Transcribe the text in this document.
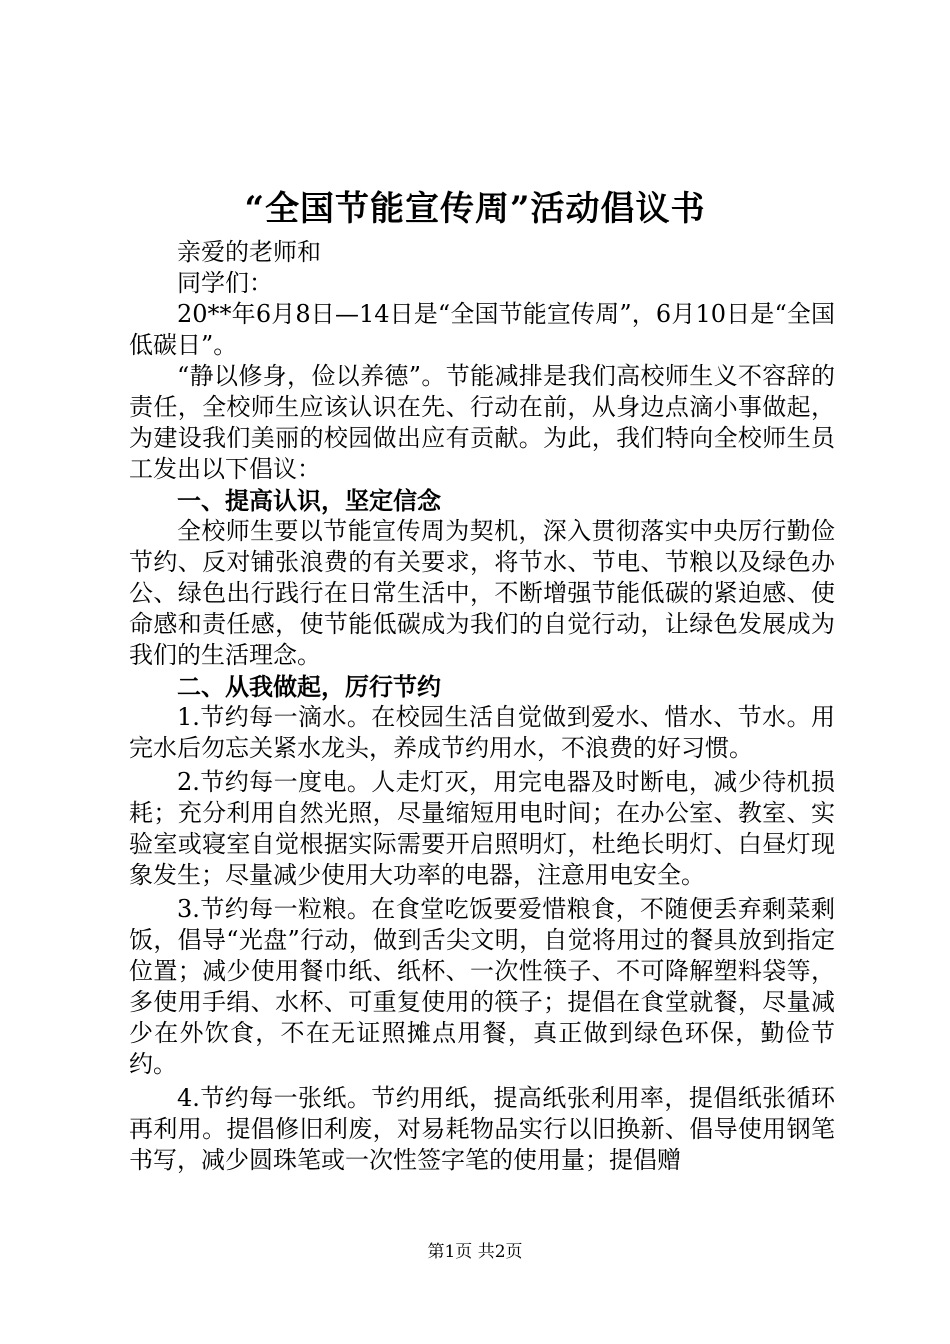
“全国节能宣传周”活动倡议书

亲爱的老师和

同学们：

20**年6月8日—14日是“全国节能宣传周”，6月10日是“全国低碳日”。

“静以修身，俭以养德”。节能减排是我们高校师生义不容辞的责任，全校师生应该认识在先、行动在前，从身边点滴小事做起，为建设我们美丽的校园做出应有贡献。为此，我们特向全校师生员工发出以下倡议：

一、提高认识，坚定信念

全校师生要以节能宣传周为契机，深入贯彻落实中央厉行勤俭节约、反对铺张浪费的有关要求，将节水、节电、节粮以及绿色办公、绿色出行践行在日常生活中，不断增强节能低碳的紧迫感、使命感和责任感，使节能低碳成为我们的自觉行动，让绿色发展成为我们的生活理念。

二、从我做起，厉行节约

1.节约每一滴水。在校园生活自觉做到爱水、惜水、节水。用完水后勿忘关紧水龙头，养成节约用水，不浪费的好习惯。

2.节约每一度电。人走灯灭，用完电器及时断电，减少待机损耗；充分利用自然光照，尽量缩短用电时间；在办公室、教室、实验室或寝室自觉根据实际需要开启照明灯，杜绝长明灯、白昼灯现象发生；尽量减少使用大功率的电器，注意用电安全。

3.节约每一粒粮。在食堂吃饭要爱惜粮食，不随便丢弃剩菜剩饭，倡导“光盘”行动，做到舌尖文明，自觉将用过的餐具放到指定位置；减少使用餐巾纸、纸杯、一次性筷子、不可降解塑料袋等，多使用手绢、水杯、可重复使用的筷子；提倡在食堂就餐，尽量减少在外饮食，不在无证照摊点用餐，真正做到绿色环保，勤俭节约。

4.节约每一张纸。节约用纸，提高纸张利用率，提倡纸张循环再利用。提倡修旧利废，对易耗物品实行以旧换新、倡导使用钢笔书写，减少圆珠笔或一次性签字笔的使用量；提倡赠

第1页 共2页
